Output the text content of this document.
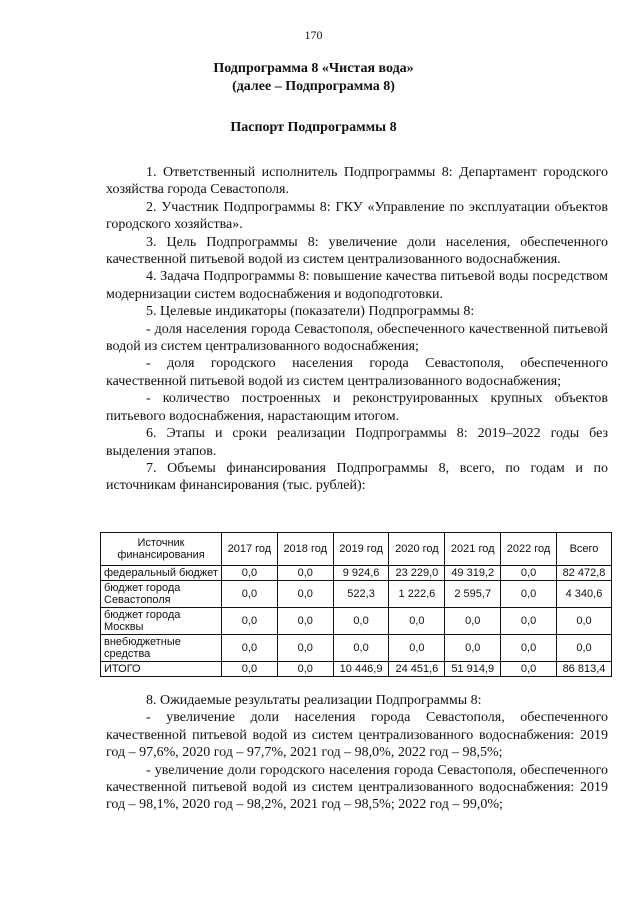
170
Подпрограмма 8 «Чистая вода»
(далее – Подпрограмма 8)
Паспорт Подпрограммы 8

1. Ответственный исполнитель Подпрограммы 8: Департамент городского хозяйства города Севастополя.

2. Участник Подпрограммы 8: ГКУ «Управление по эксплуатации объектов городского хозяйства».

3. Цель Подпрограммы 8: увеличение доли населения, обеспеченного качественной питьевой водой из систем централизованного водоснабжения.

4. Задача Подпрограммы 8: повышение качества питьевой воды посредством модернизации систем водоснабжения и водоподготовки.

5. Целевые индикаторы (показатели) Подпрограммы 8:

- доля населения города Севастополя, обеспеченного качественной питьевой водой из систем централизованного водоснабжения;

- доля городского населения города Севастополя, обеспеченного качественной питьевой водой из систем централизованного водоснабжения;

- количество построенных и реконструированных крупных объектов питьевого водоснабжения, нарастающим итогом.

6. Этапы и сроки реализации Подпрограммы 8: 2019–2022 годы без выделения этапов.

7. Объемы финансирования Подпрограммы 8, всего, по годам и по источникам финансирования (тыс. рублей):

Источник финансирования	2017 год	2018 год	2019 год	2020 год	2021 год	2022 год	Всего
федеральный бюджет	0,0	0,0	9 924,6	23 229,0	49 319,2	0,0	82 472,8
бюджет города Севастополя	0,0	0,0	522,3	1 222,6	2 595,7	0,0	4 340,6
бюджет города Москвы	0,0	0,0	0,0	0,0	0,0	0,0	0,0
внебюджетные средства	0,0	0,0	0,0	0,0	0,0	0,0	0,0
ИТОГО	0,0	0,0	10 446,9	24 451,6	51 914,9	0,0	86 813,4

8. Ожидаемые результаты реализации Подпрограммы 8:

- увеличение доли населения города Севастополя, обеспеченного качественной питьевой водой из систем централизованного водоснабжения: 2019 год – 97,6%, 2020 год – 97,7%, 2021 год – 98,0%, 2022 год – 98,5%;

- увеличение доли городского населения города Севастополя, обеспеченного качественной питьевой водой из систем централизованного водоснабжения: 2019 год – 98,1%, 2020 год – 98,2%, 2021 год – 98,5%; 2022 год – 99,0%;
